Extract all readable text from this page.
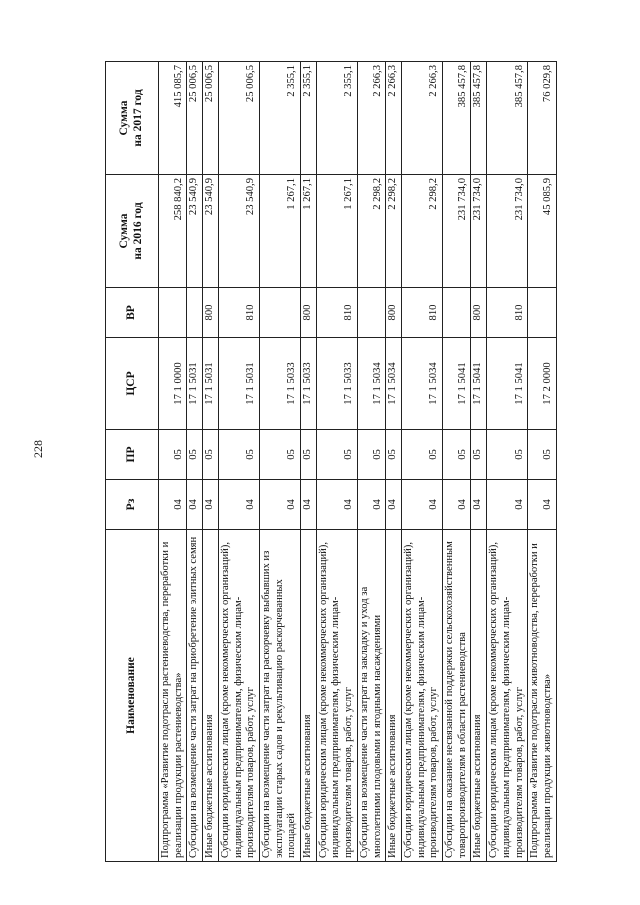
228
Наименование	Рз	ПР	ЦСР	ВР	Сумма на 2016 год	Сумма на 2017 год
Подпрограмма «Развитие подотрасли растениеводства, переработки и реализации продукции растениеводства»	04	05	17 1 0000		258 840,2	415 085,7
Субсидии на возмещение части затрат на приобретение элитных семян	04	05	17 1 5031		23 540,9	25 006,5
Иные бюджетные ассигнования	04	05	17 1 5031	800	23 540,9	25 006,5
Субсидии юридическим лицам (кроме некоммерческих организаций), индивидуальным предпринимателям, физическим лицам-производителям товаров, работ, услуг	04	05	17 1 5031	810	23 540,9	25 006,5
Субсидии на возмещение части затрат на раскорчевку выбывших из эксплуатации старых садов и рекультивацию раскорчеванных площадей	04	05	17 1 5033		1 267,1	2 355,1
Иные бюджетные ассигнования	04	05	17 1 5033	800	1 267,1	2 355,1
Субсидии юридическим лицам (кроме некоммерческих организаций), индивидуальным предпринимателям, физическим лицам-производителям товаров, работ, услуг	04	05	17 1 5033	810	1 267,1	2 355,1
Субсидии на возмещение части затрат на закладку и уход за многолетними плодовыми и ягодными насаждениями	04	05	17 1 5034		2 298,2	2 266,3
Иные бюджетные ассигнования	04	05	17 1 5034	800	2 298,2	2 266,3
Субсидии юридическим лицам (кроме некоммерческих организаций), индивидуальным предпринимателям, физическим лицам-производителям товаров, работ, услуг	04	05	17 1 5034	810	2 298,2	2 266,3
Субсидии на оказание несвязанной поддержки сельскохозяйственным товаропроизводителям в области растениеводства	04	05	17 1 5041		231 734,0	385 457,8
Иные бюджетные ассигнования	04	05	17 1 5041	800	231 734,0	385 457,8
Субсидии юридическим лицам (кроме некоммерческих организаций), индивидуальным предпринимателям, физическим лицам-производителям товаров, работ, услуг	04	05	17 1 5041	810	231 734,0	385 457,8
Подпрограмма «Развитие подотрасли животноводства, переработки и реализации продукции животноводства»	04	05	17 2 0000		45 085,9	76 029,8
